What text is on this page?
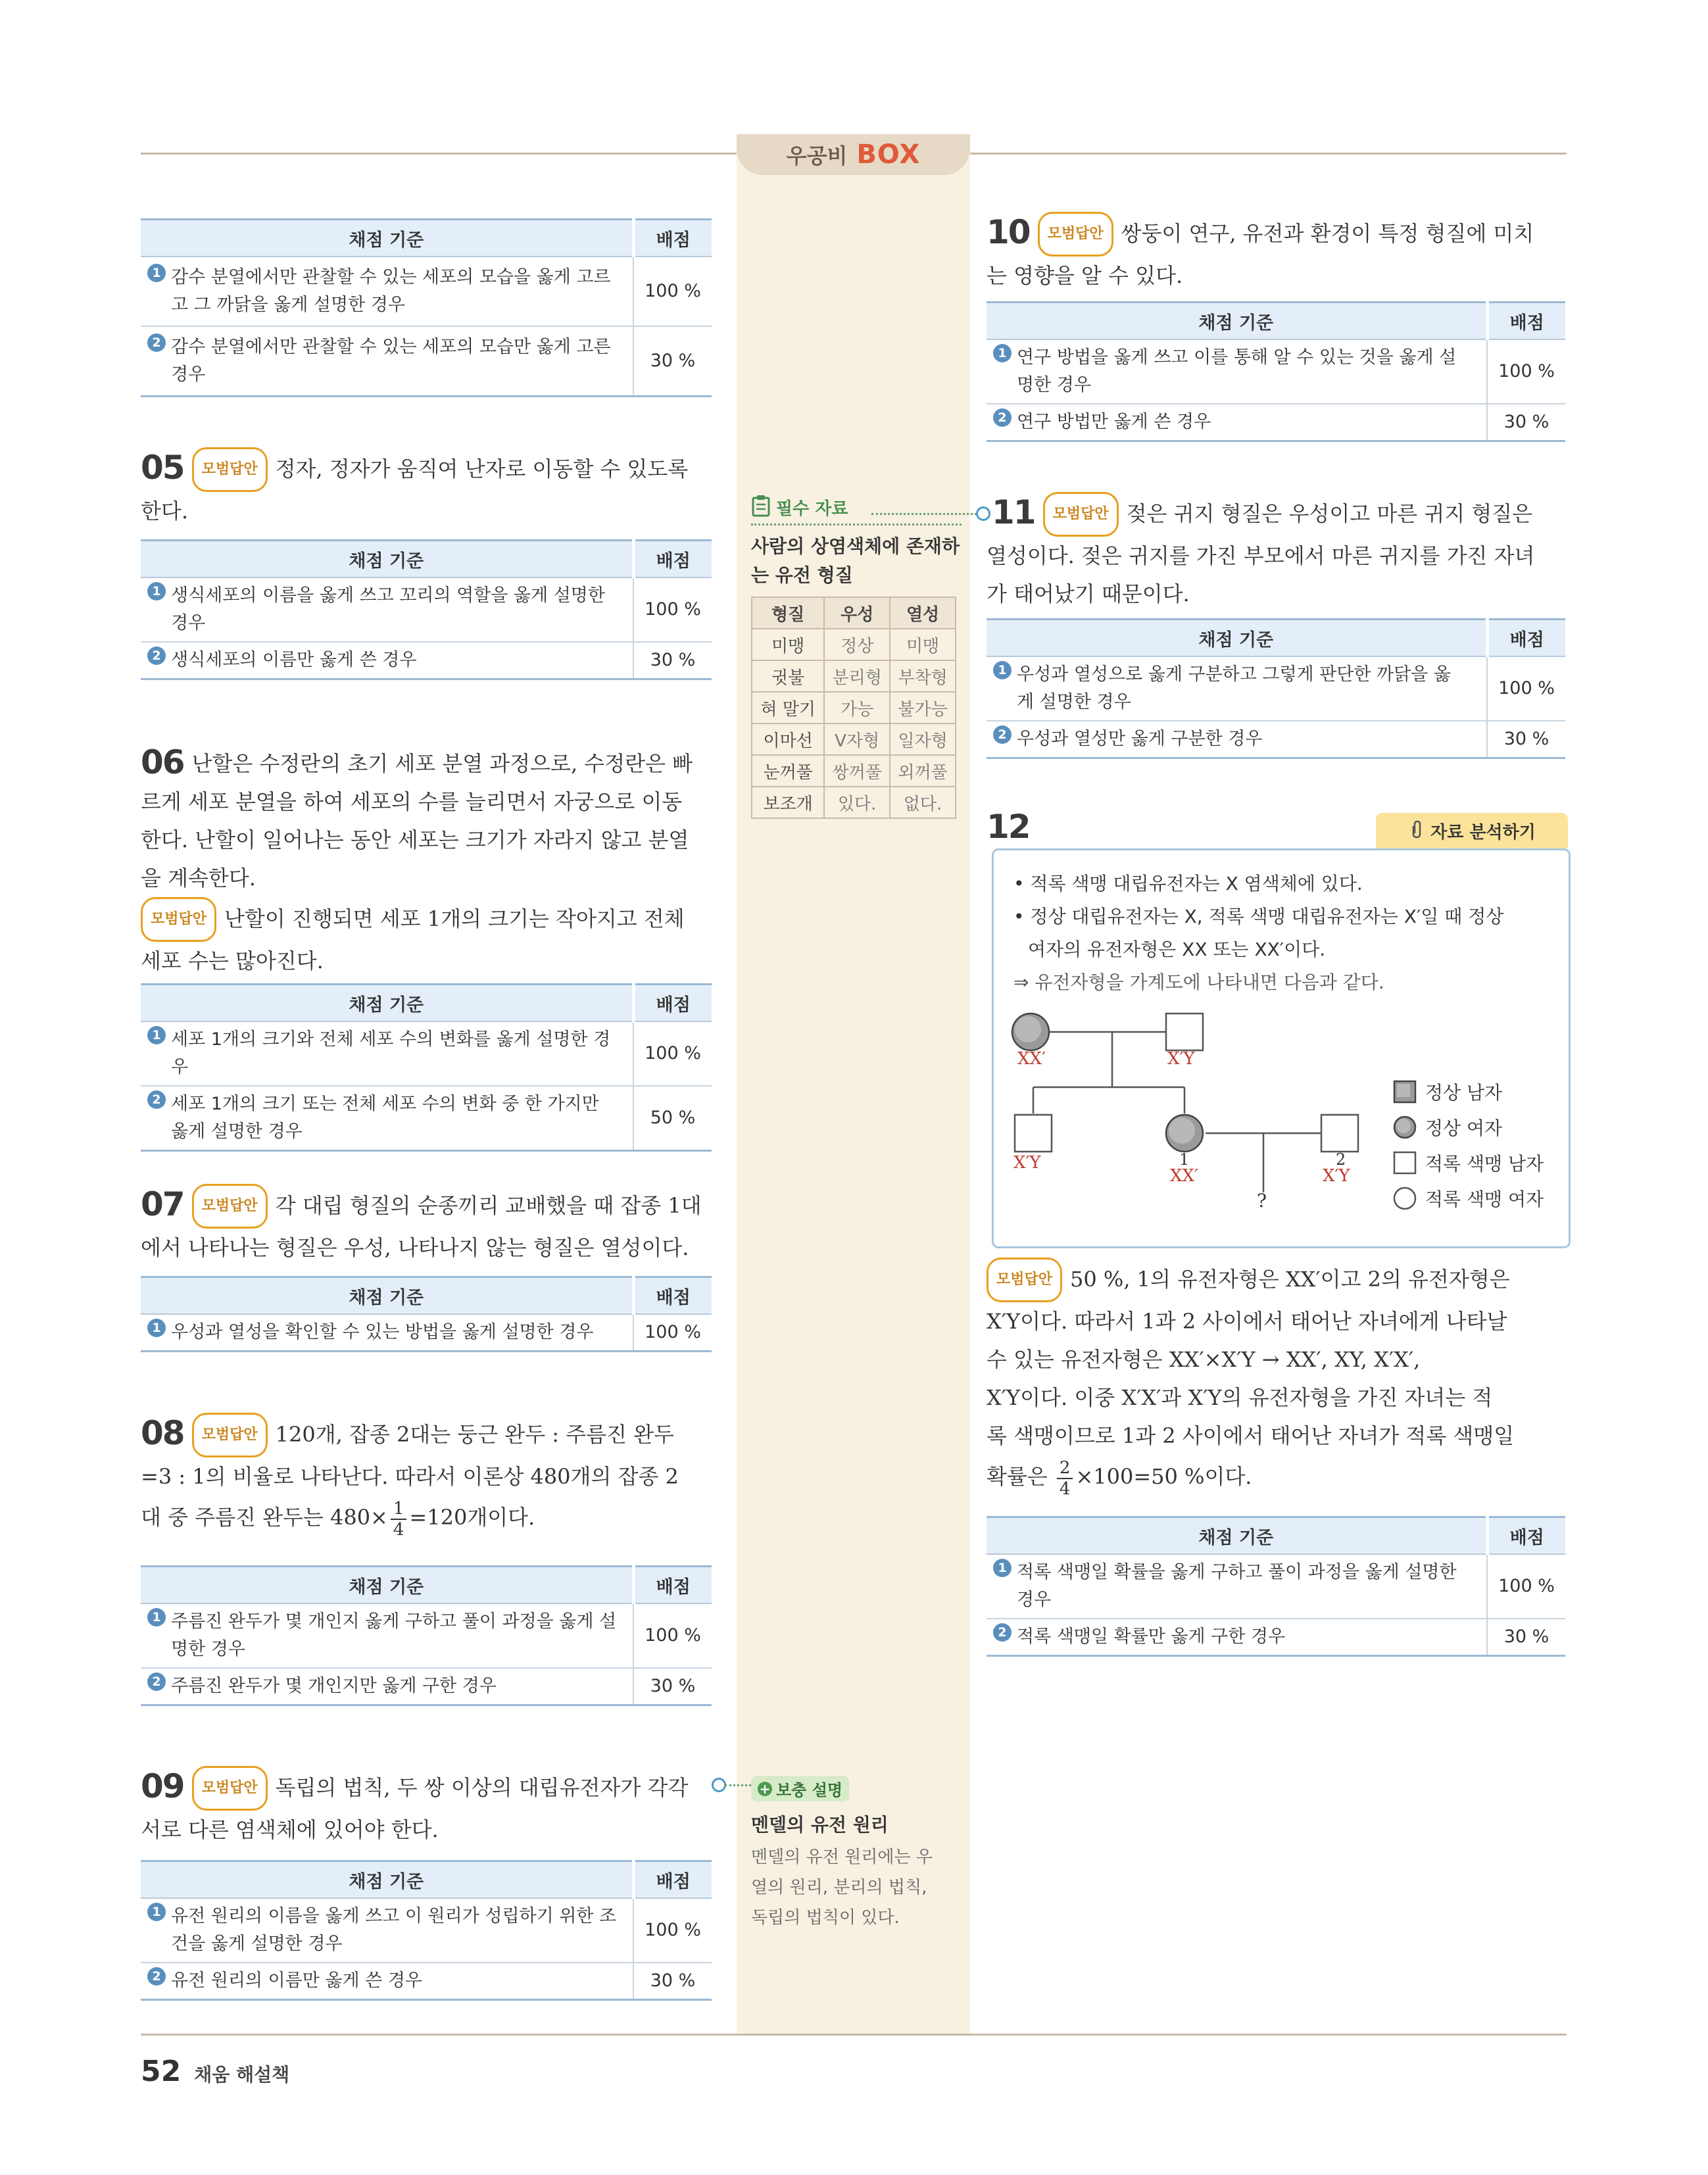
우공비 BOX
채점 기준	배점

1 감수 분열에서만 관찰할 수 있는 세포의 모습을 옳게 고르
고 그 까닭을 옳게 설명한 경우	100 %

2 감수 분열에서만 관찰할 수 있는 세포의 모습만 옳게 고른
경우	30 %
05 모범답안 정자, 정자가 움직여 난자로 이동할 수 있도록
한다.
채점 기준	배점

1 생식세포의 이름을 옳게 쓰고 꼬리의 역할을 옳게 설명한
경우	100 %

2 생식세포의 이름만 옳게 쓴 경우	30 %
06 난할은 수정란의 초기 세포 분열 과정으로, 수정란은 빠
르게 세포 분열을 하여 세포의 수를 늘리면서 자궁으로 이동
한다. 난할이 일어나는 동안 세포는 크기가 자라지 않고 분열
을 계속한다.
모범답안 난할이 진행되면 세포 1개의 크기는 작아지고 전체
세포 수는 많아진다.
채점 기준	배점

1 세포 1개의 크기와 전체 세포 수의 변화를 옳게 설명한 경우	100 %

2 세포 1개의 크기 또는 전체 세포 수의 변화 중 한 가지만
옳게 설명한 경우	50 %
07 모범답안 각 대립 형질의 순종끼리 교배했을 때 잡종 1대
에서 나타나는 형질은 우성, 나타나지 않는 형질은 열성이다.
채점 기준	배점

1 우성과 열성을 확인할 수 있는 방법을 옳게 설명한 경우	100 %
08 모범답안 120개, 잡종 2대는 둥근 완두 : 주름진 완두
=3 : 1의 비율로 나타난다. 따라서 이론상 480개의 잡종 2
대 중 주름진 완두는 $480\times \frac{1}{4} =120$개이다.
채점 기준	배점

1 주름진 완두가 몇 개인지 옳게 구하고 풀이 과정을 옳게 설
명한 경우	100 %

2 주름진 완두가 몇 개인지만 옳게 구한 경우	30 %
09 모범답안 독립의 법칙, 두 쌍 이상의 대립유전자가 각각
서로 다른 염색체에 있어야 한다.
채점 기준	배점

1 유전 원리의 이름을 옳게 쓰고 이 원리가 성립하기 위한 조
건을 옳게 설명한 경우	100 %

2 유전 원리의 이름만 옳게 쓴 경우	30 %
필수 자료
사람의 상염색체에 존재하
는 유전 형질
형질	우성	열성
미맹	정상	미맹
귓불	분리형	부착형
혀 말기	가능	불가능
이마선	V자형	일자형
눈꺼풀	쌍꺼풀	외꺼풀
보조개	있다.	없다.
+ 보충 설명
멘델의 유전 원리
멘델의 유전 원리에는 우
열의 원리, 분리의 법칙,
독립의 법칙이 있다.
10 모범답안 쌍둥이 연구, 유전과 환경이 특정 형질에 미치
는 영향을 알 수 있다.
채점 기준	배점

1 연구 방법을 옳게 쓰고 이를 통해 알 수 있는 것을 옳게 설
명한 경우	100 %

2 연구 방법만 옳게 쓴 경우	30 %
11 모범답안 젖은 귀지 형질은 우성이고 마른 귀지 형질은
열성이다. 젖은 귀지를 가진 부모에서 마른 귀지를 가진 자녀
가 태어났기 때문이다.
채점 기준	배점

1 우성과 열성으로 옳게 구분하고 그렇게 판단한 까닭을 옳
게 설명한 경우	100 %

2 우성과 열성만 옳게 구분한 경우	30 %
12	자료 분석하기
• 적록 색맹 대립유전자는 X 염색체에 있다.
• 정상 대립유전자는 X, 적록 색맹 대립유전자는 X′일 때 정상
여자의 유전자형은 XX 또는 XX′이다.
⇒ 유전자형을 가계도에 나타내면 다음과 같다.
XX′	X′Y
X′Y	1
XX′
2
X′Y
?
정상 남자
정상 여자
적록 색맹 남자
적록 색맹 여자
모범답안 50 %, 1의 유전자형은 XX′이고 2의 유전자형은
X′Y이다. 따라서 1과 2 사이에서 태어난 자녀에게 나타날
수 있는 유전자형은 XX′×X′Y → XX′, XY, X′X′,
X′Y이다. 이중 X′X′과 X′Y의 유전자형을 가진 자녀는 적
록 색맹이므로 1과 2 사이에서 태어난 자녀가 적록 색맹일
확률은 $\frac{2}{4} \times 100=50$ %이다.
채점 기준	배점

1 적록 색맹일 확률을 옳게 구하고 풀이 과정을 옳게 설명한
경우	100 %

2 적록 색맹일 확률만 옳게 구한 경우	30 %
52 채움 해설책
